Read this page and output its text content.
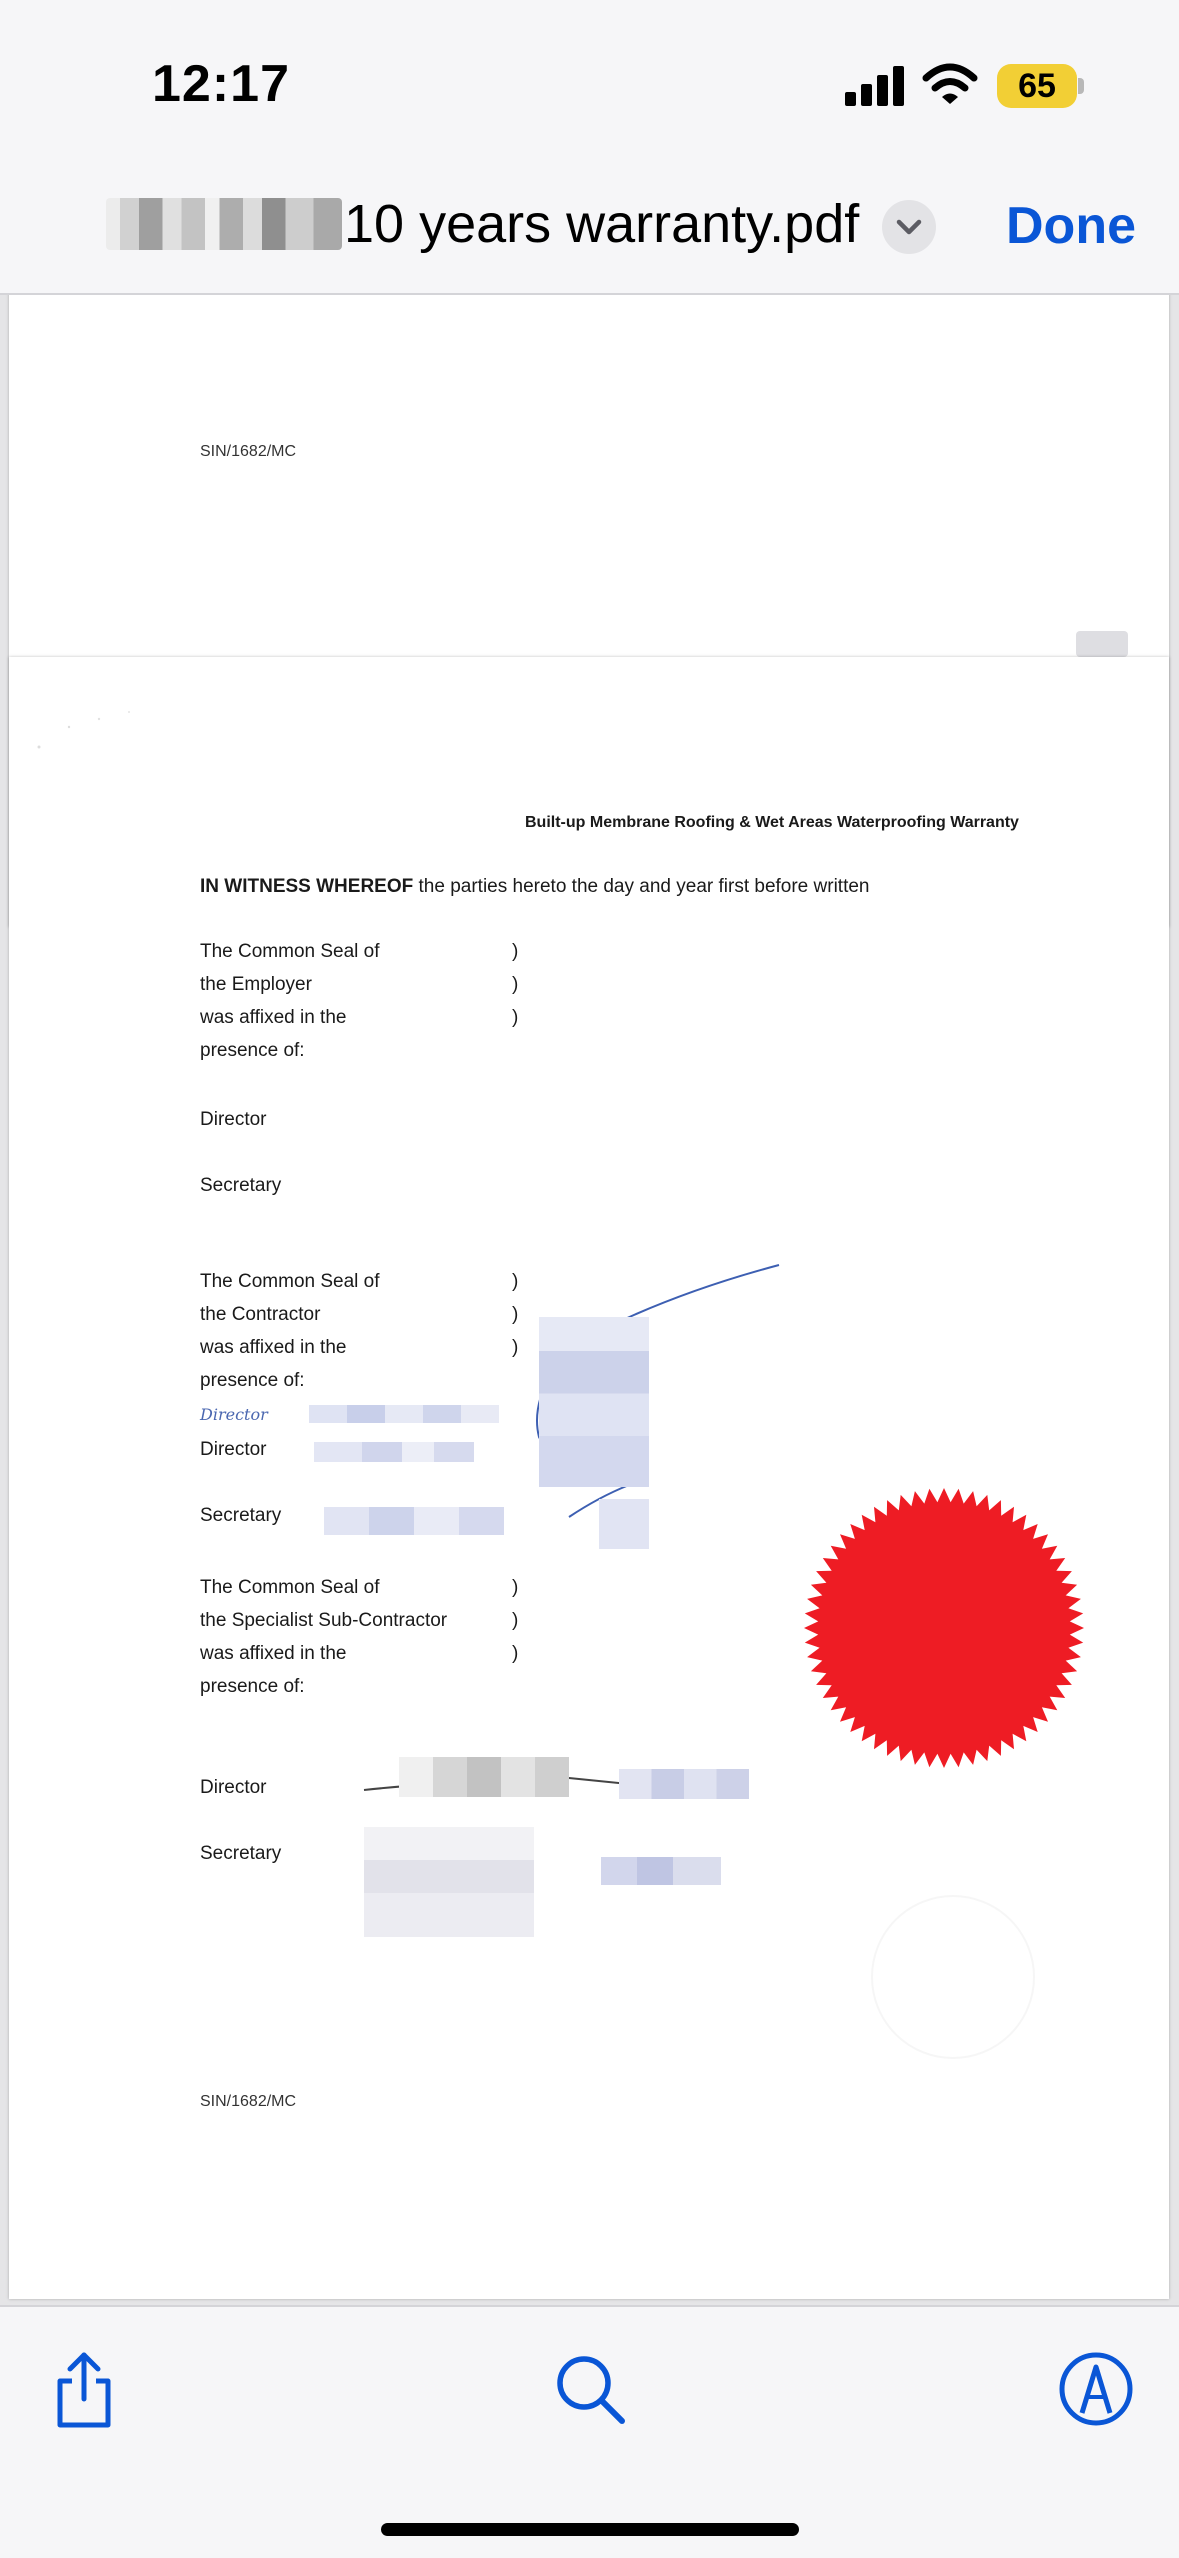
12:17	65
10 years warranty.pdf	Done
SIN/1682/MC
Built-up Membrane Roofing & Wet Areas Waterproofing Warranty
IN WITNESS WHEREOF the parties hereto the day and year first before written
The Common Seal of
the Employer
was affixed in the
presence of:
)
)
)
Director
Secretary
The Common Seal of
the Contractor
was affixed in the
presence of:
)
)
)
Director
Director
Secretary
The Common Seal of
the Specialist Sub-Contractor
was affixed in the
presence of:
)
)
)
Director
Secretary
SIN/1682/MC
